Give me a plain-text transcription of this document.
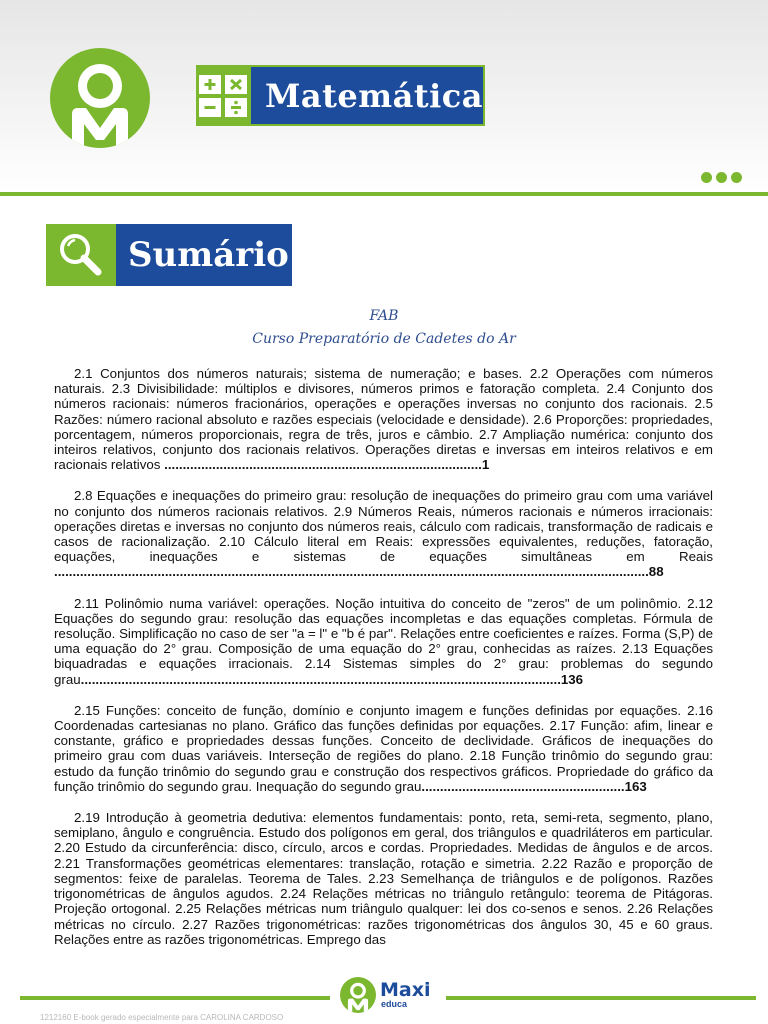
Matemática
Sumário
FAB
Curso Preparatório de Cadetes do Ar

2.1 Conjuntos dos números naturais; sistema de numeração; e bases. 2.2 Operações com números naturais. 2.3 Divisibilidade: múltiplos e divisores, números primos e fatoração completa. 2.4 Conjunto dos números racionais: números fracionários, operações e operações inversas no conjunto dos racionais. 2.5 Razões: número racional absoluto e razões especiais (velocidade e densidade). 2.6 Proporções: propriedades, porcentagem, números proporcionais, regra de três, juros e câmbio. 2.7 Ampliação numérica: conjunto dos inteiros relativos, conjunto dos racionais relativos. Operações diretas e inversas em inteiros relativos e em racionais relativos ......................................................................................1

2.8 Equações e inequações do primeiro grau: resolução de inequações do primeiro grau com uma variável no conjunto dos números racionais relativos. 2.9 Números Reais, números racionais e números irracionais: operações diretas e inversas no conjunto dos números reais, cálculo com radicais, transformação de radicais e casos de racionalização. 2.10 Cálculo literal em Reais: expressões equivalentes, reduções, fatoração, equações, inequações e sistemas de equações simultâneas em Reais .................................................................................................................................................................88

2.11 Polinômio numa variável: operações. Noção intuitiva do conceito de "zeros" de um polinômio. 2.12 Equações do segundo grau: resolução das equações incompletas e das equações completas. Fórmula de resolução. Simplificação no caso de ser "a = l" e "b é par". Relações entre coeficientes e raízes. Forma (S,P) de uma equação do 2° grau. Composição de uma equação do 2° grau, conhecidas as raízes. 2.13 Equações biquadradas e equações irracionais. 2.14 Sistemas simples do 2° grau: problemas do segundo grau..................................................................................................................................136

2.15 Funções: conceito de função, domínio e conjunto imagem e funções definidas por equações. 2.16 Coordenadas cartesianas no plano. Gráfico das funções definidas por equações. 2.17 Função: afim, linear e constante, gráfico e propriedades dessas funções. Conceito de declividade. Gráficos de inequações do primeiro grau com duas variáveis. Interseção de regiões do plano. 2.18 Função trinômio do segundo grau: estudo da função trinômio do segundo grau e construção dos respectivos gráficos. Propriedade do gráfico da função trinômio do segundo grau. Inequação do segundo grau.......................................................163

2.19 Introdução à geometria dedutiva: elementos fundamentais: ponto, reta, semi-reta, segmento, plano, semiplano, ângulo e congruência. Estudo dos polígonos em geral, dos triângulos e quadriláteros em particular. 2.20 Estudo da circunferência: disco, círculo, arcos e cordas. Propriedades. Medidas de ângulos e de arcos. 2.21 Transformações geométricas elementares: translação, rotação e simetria. 2.22 Razão e proporção de segmentos: feixe de paralelas. Teorema de Tales. 2.23 Semelhança de triângulos e de polígonos. Razões trigonométricas de ângulos agudos. 2.24 Relações métricas no triângulo retângulo: teorema de Pitágoras. Projeção ortogonal. 2.25 Relações métricas num triângulo qualquer: lei dos co-senos e senos. 2.26 Relações métricas no círculo. 2.27 Razões trigonométricas: razões trigonométricas dos ângulos 30, 45 e 60 graus. Relações entre as razões trigonométricas. Emprego das

Maxi
educa
1212160 E-book gerado especialmente para CAROLINA CARDOSO
